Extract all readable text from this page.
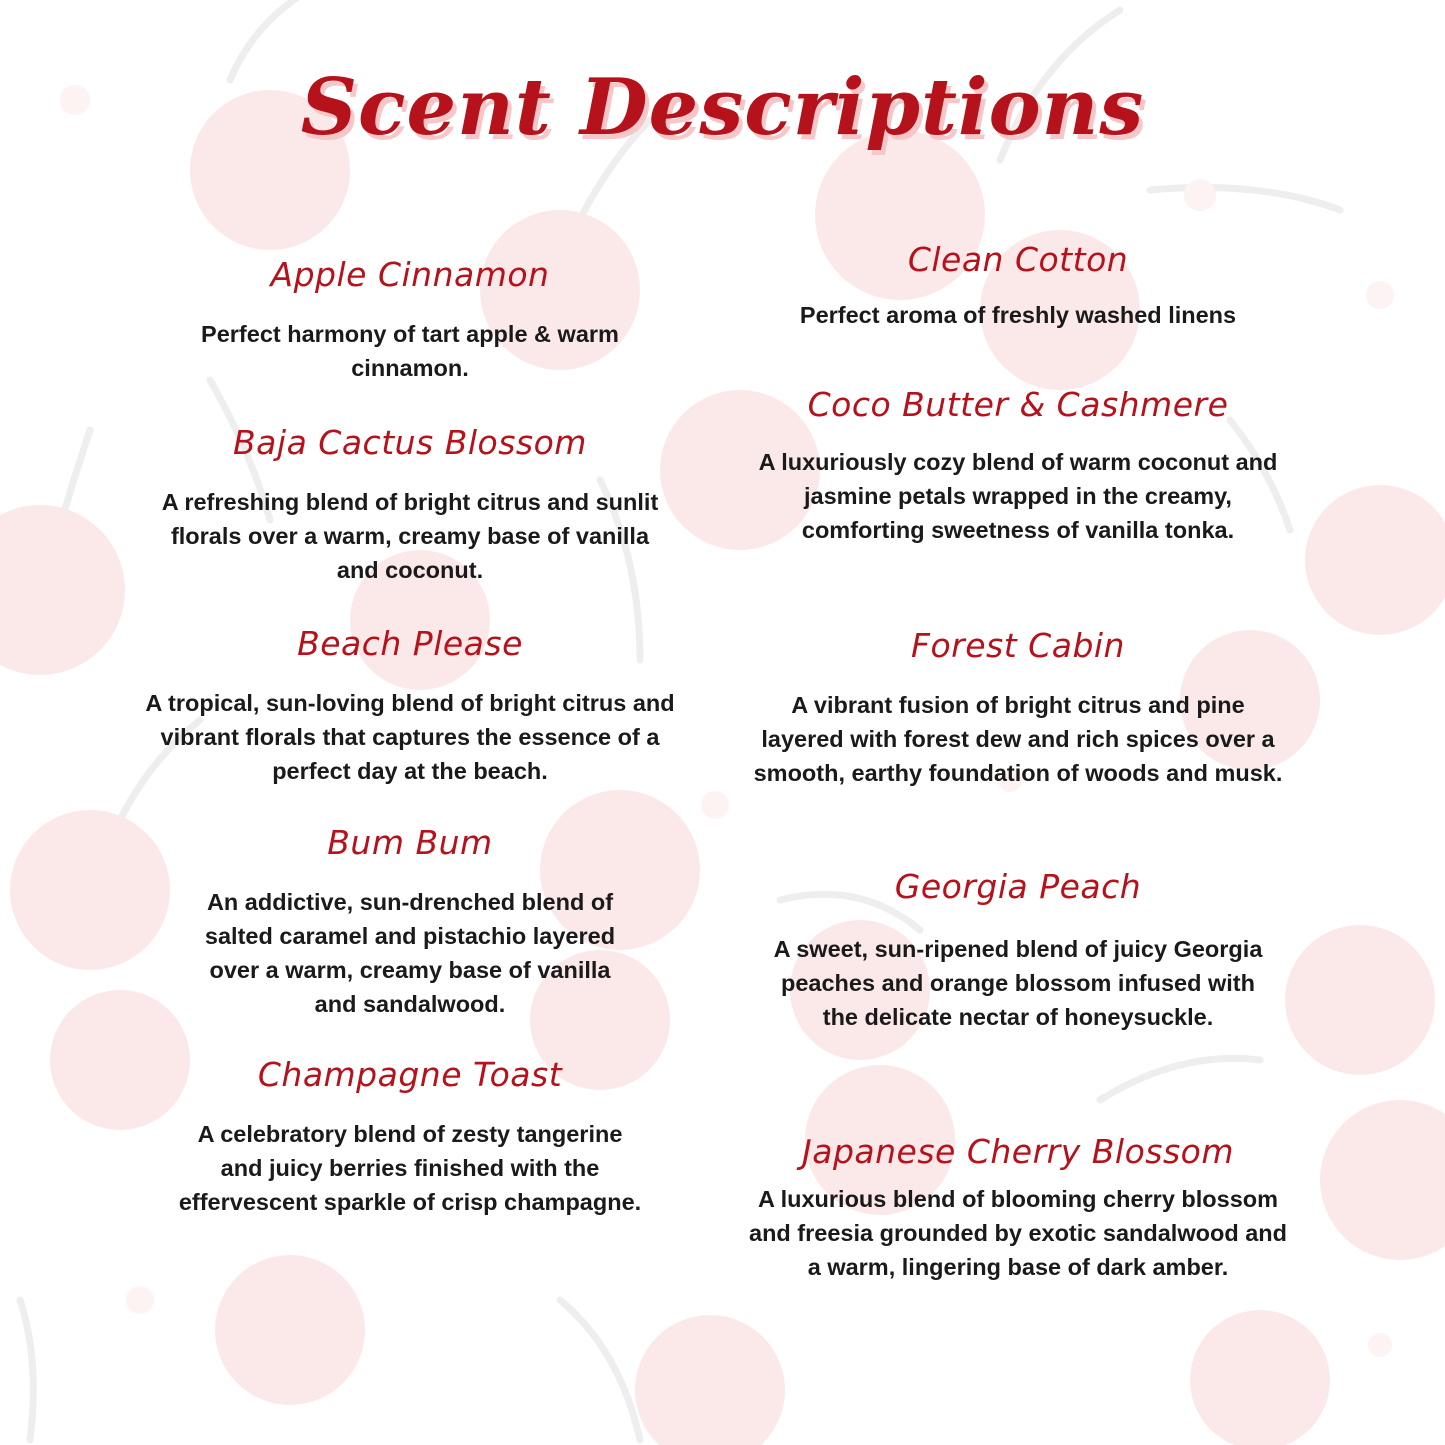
Scent Descriptions

Apple Cinnamon

Perfect harmony of tart apple & warm cinnamon.

Baja Cactus Blossom

A refreshing blend of bright citrus and sunlit florals over a warm, creamy base of vanilla and coconut.

Beach Please

A tropical, sun-loving blend of bright citrus and vibrant florals that captures the essence of a perfect day at the beach.

Bum Bum

An addictive, sun-drenched blend of salted caramel and pistachio layered over a warm, creamy base of vanilla and sandalwood.

Champagne Toast

A celebratory blend of zesty tangerine and juicy berries finished with the effervescent sparkle of crisp champagne.

Clean Cotton

Perfect aroma of freshly washed linens

Coco Butter & Cashmere

A luxuriously cozy blend of warm coconut and jasmine petals wrapped in the creamy, comforting sweetness of vanilla tonka.

Forest Cabin

A vibrant fusion of bright citrus and pine layered with forest dew and rich spices over a smooth, earthy foundation of woods and musk.

Georgia Peach

A sweet, sun-ripened blend of juicy Georgia peaches and orange blossom infused with the delicate nectar of honeysuckle.

Japanese Cherry Blossom

A luxurious blend of blooming cherry blossom and freesia grounded by exotic sandalwood and a warm, lingering base of dark amber.
